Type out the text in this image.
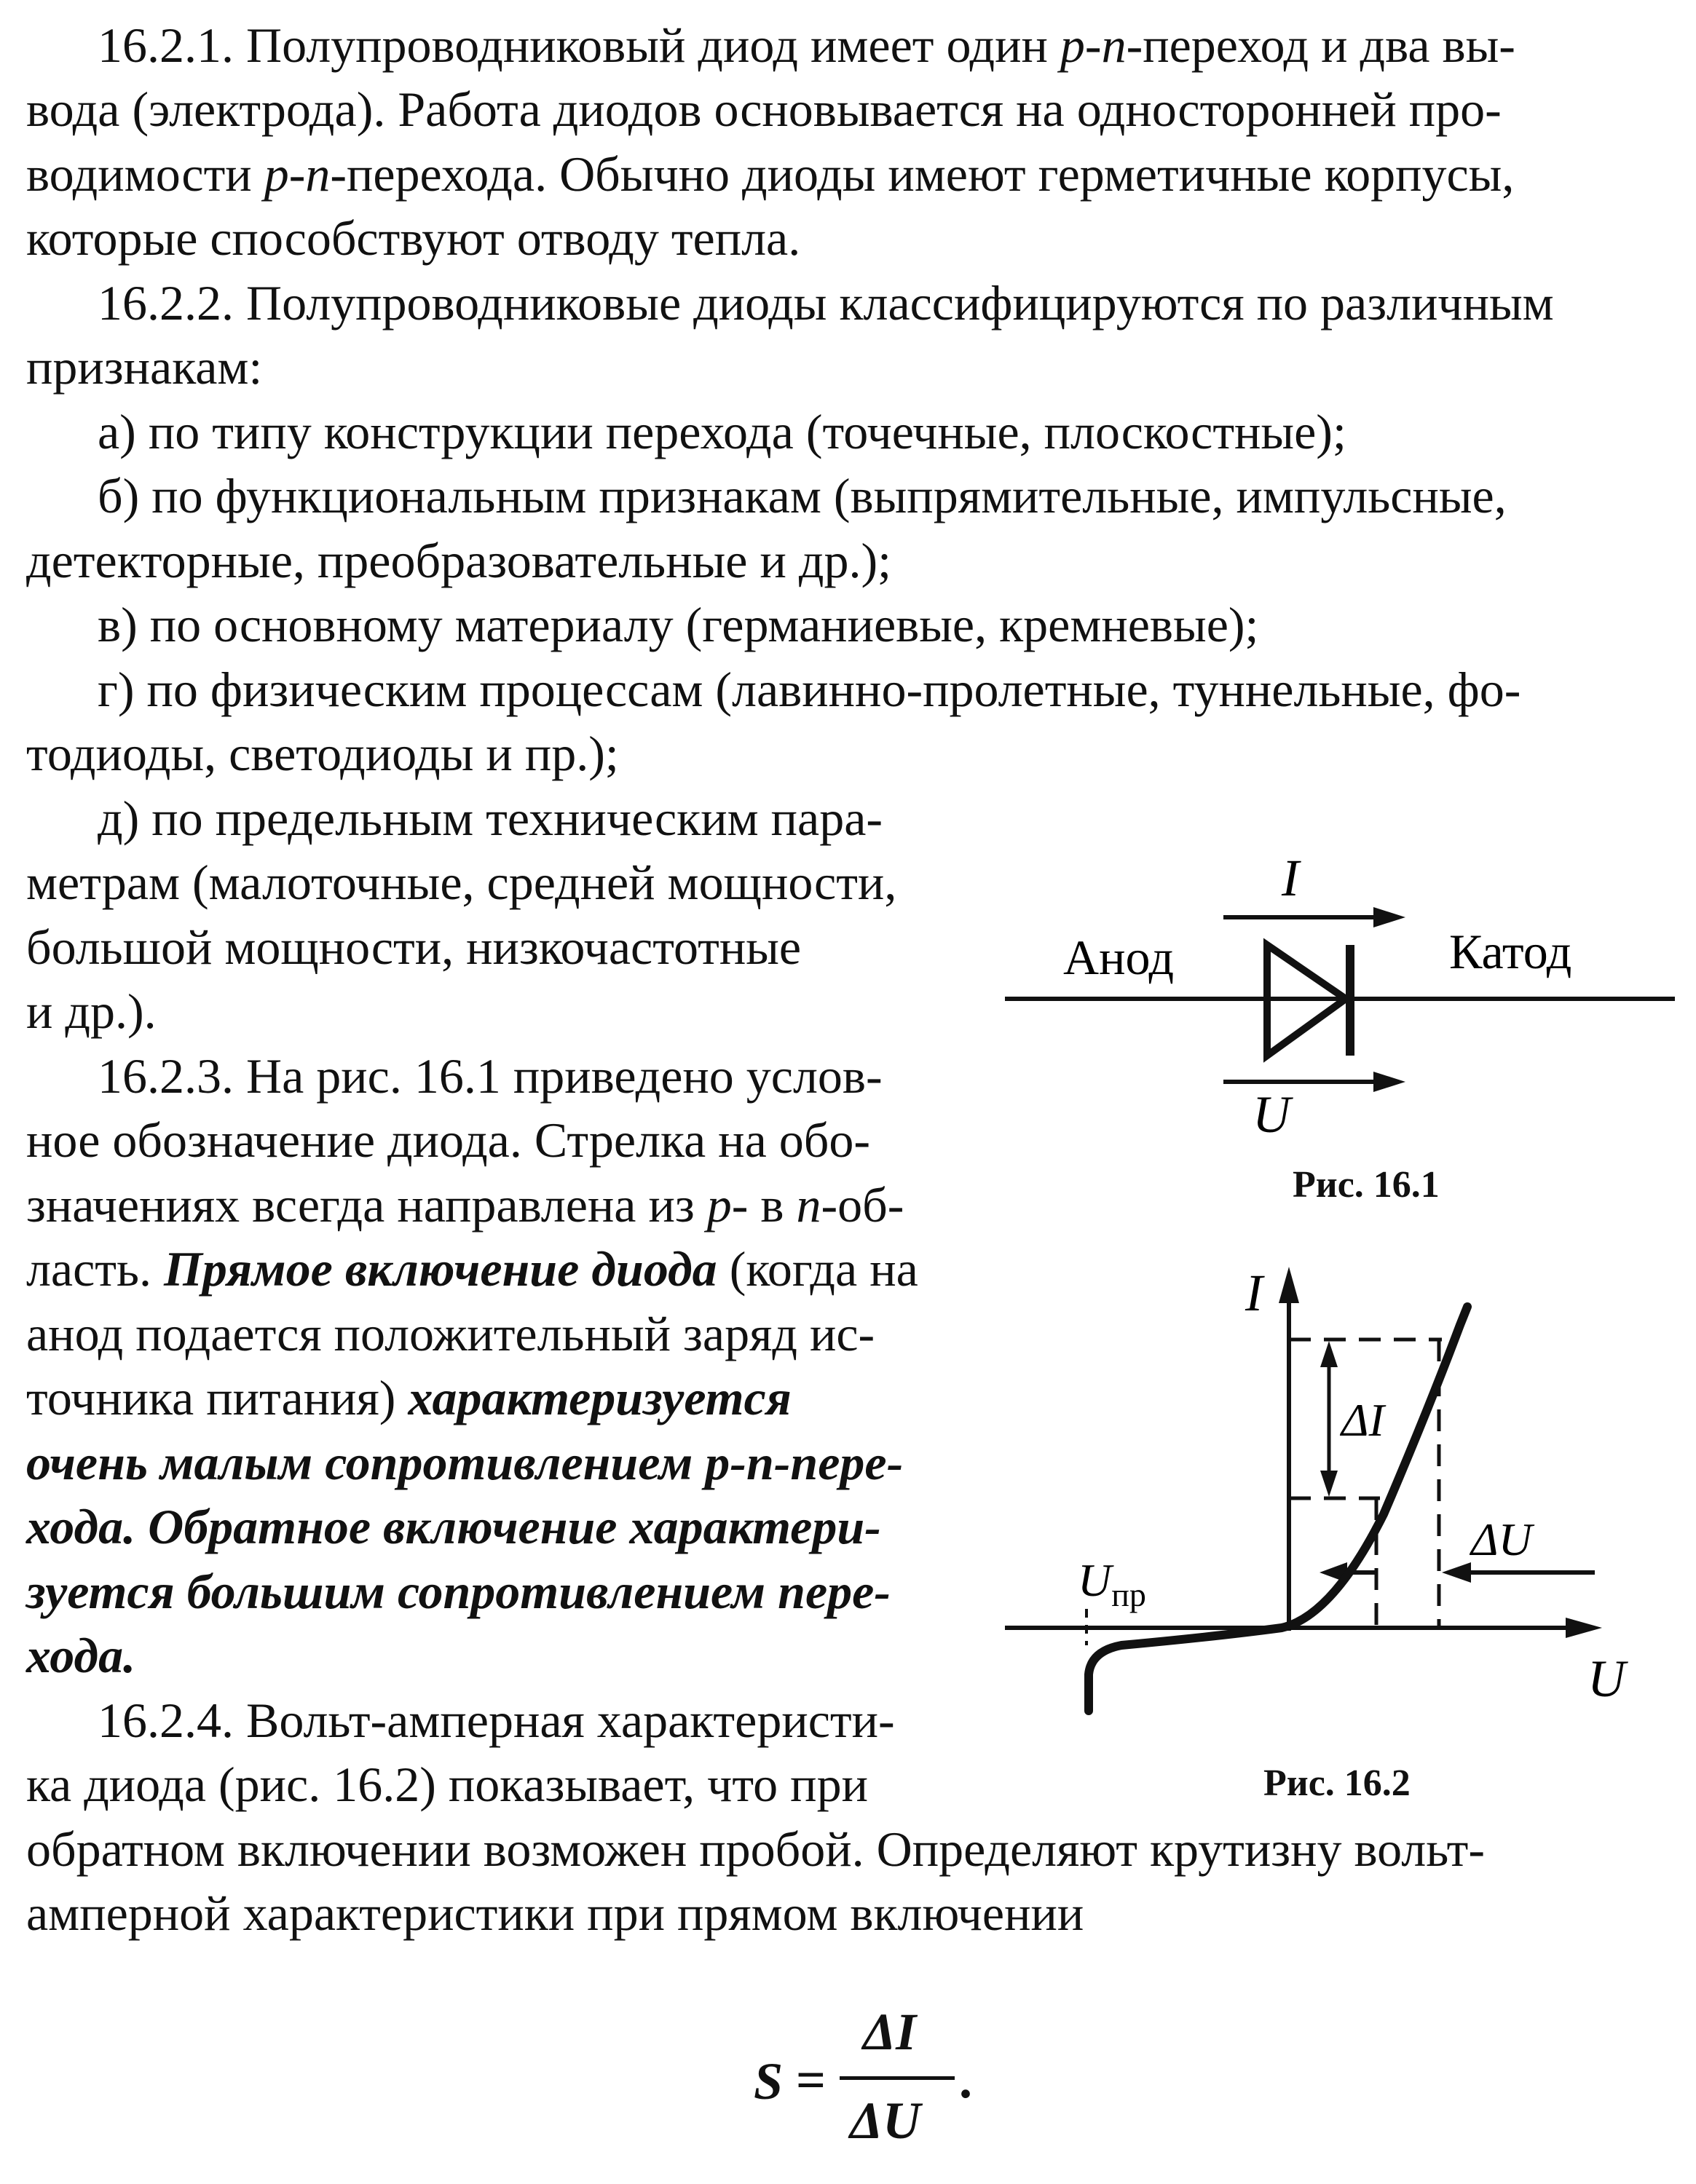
16.2.1. Полупроводниковый диод имеет один p-n-переход и два вы-
вода (электрода). Работа диодов основывается на односторонней про-
водимости p-n-перехода. Обычно диоды имеют герметичные корпусы,
которые способствуют отводу тепла.
16.2.2. Полупроводниковые диоды классифицируются по различным
признакам:
а) по типу конструкции перехода (точечные, плоскостные);
б) по функциональным признакам (выпрямительные, импульсные,
детекторные, преобразовательные и др.);
в) по основному материалу (германиевые, кремневые);
г) по физическим процессам (лавинно-пролетные, туннельные, фо-
тодиоды, светодиоды и пр.);
д) по предельным техническим пара-
метрам (малоточные, средней мощности,
большой мощности, низкочастотные
и др.).
16.2.3. На рис. 16.1 приведено услов-
ное обозначение диода. Стрелка на обо-
значениях всегда направлена из p- в n-об-
ласть. Прямое включение диода (когда на
анод подается положительный заряд ис-
точника питания) характеризуется
очень малым сопротивлением p-n-пере-
хода. Обратное включение характери-
зуется большим сопротивлением пере-
хода.
16.2.4. Вольт-амперная характеристи-
ка диода (рис. 16.2) показывает, что при
обратном включении возможен пробой. Определяют крутизну вольт-
амперной характеристики при прямом включении
S =
ΔI
ΔU
.
I
Анод	Катод
U
Рис. 16.1
I
U
ΔI
ΔU
$U_{пр}$
Рис. 16.2
